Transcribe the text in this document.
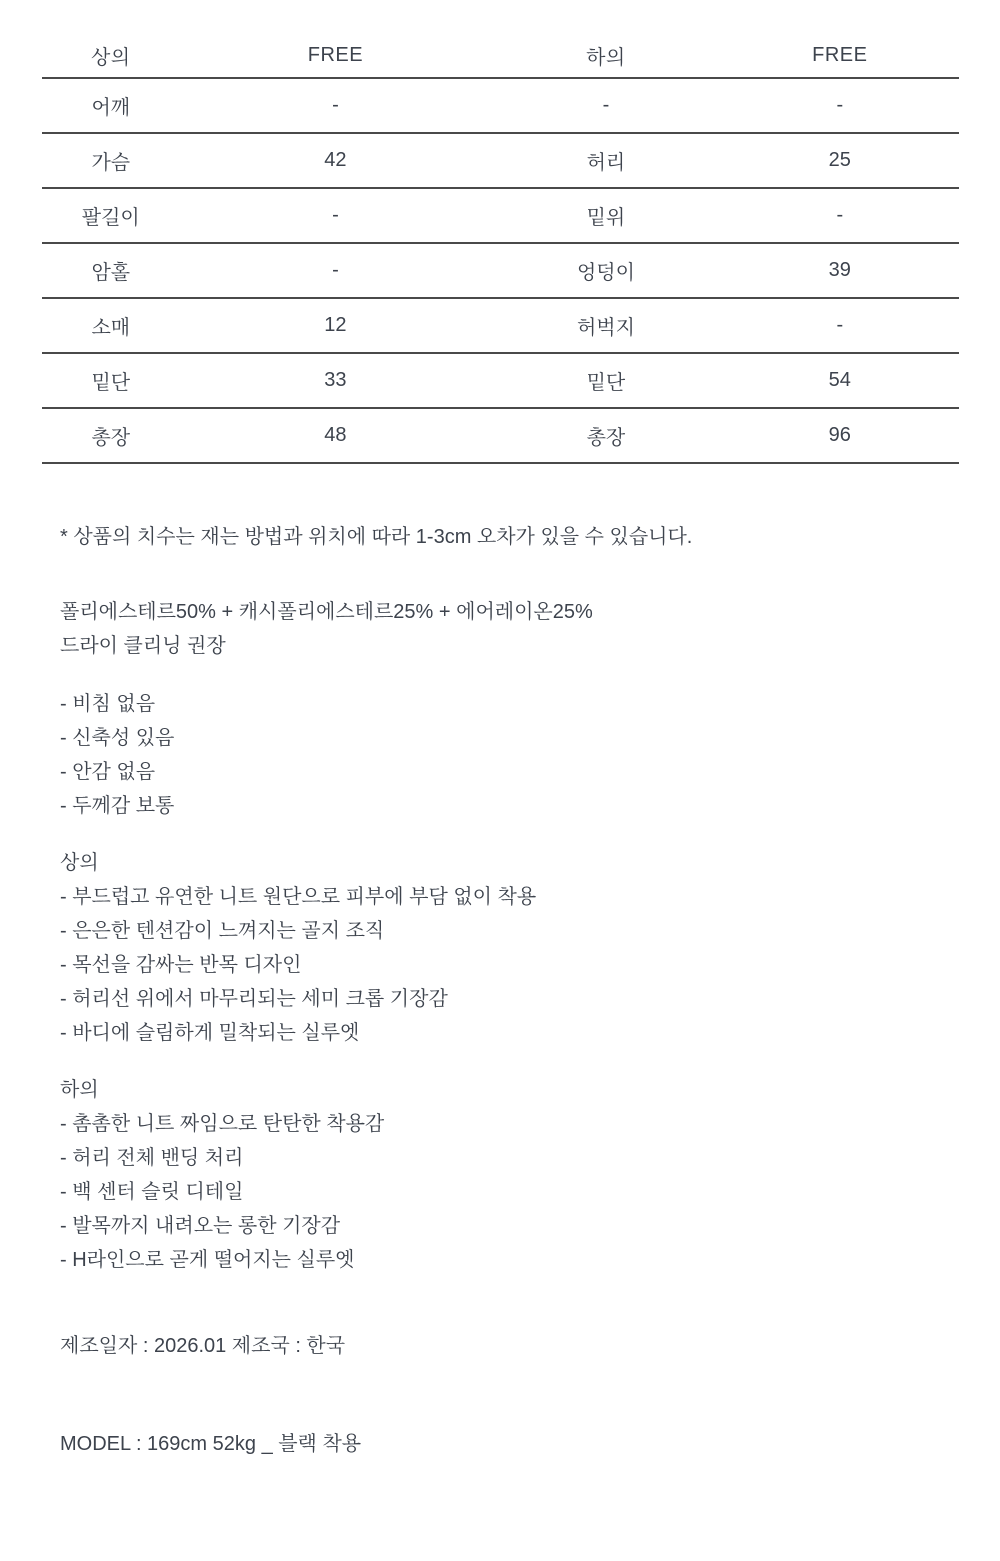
상의	FREE	하의	FREE
어깨	-	-	-
가슴	42	허리	25
팔길이	-	밑위	-
암홀	-	엉덩이	39
소매	12	허벅지	-
밑단	33	밑단	54
총장	48	총장	96

* 상품의 치수는 재는 방법과 위치에 따라 1-3cm 오차가 있을 수 있습니다.

폴리에스테르50% + 캐시폴리에스테르25% + 에어레이온25%

드라이 클리닝 권장

- 비침 없음
- 신축성 있음
- 안감 없음
- 두께감 보통

상의

- 부드럽고 유연한 니트 원단으로 피부에 부담 없이 착용
- 은은한 텐션감이 느껴지는 골지 조직
- 목선을 감싸는 반목 디자인
- 허리선 위에서 마무리되는 세미 크롭 기장감
- 바디에 슬림하게 밀착되는 실루엣

하의

- 촘촘한 니트 짜임으로 탄탄한 착용감
- 허리 전체 밴딩 처리
- 백 센터 슬릿 디테일
- 발목까지 내려오는 롱한 기장감
- H라인으로 곧게 떨어지는 실루엣

제조일자 : 2026.01 제조국 : 한국

MODEL : 169cm 52kg _ 블랙 착용
